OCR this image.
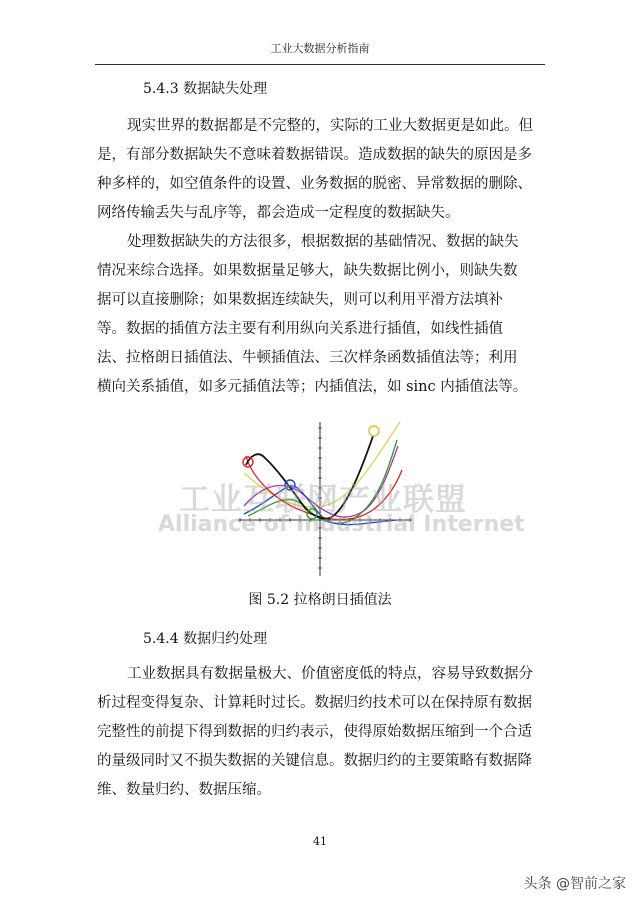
工业大数据分析指南
5.4.3 数据缺失处理
现实世界的数据都是不完整的，实际的工业大数据更是如此。但
是，有部分数据缺失不意味着数据错误。造成数据的缺失的原因是多
种多样的，如空值条件的设置、业务数据的脱密、异常数据的删除、
网络传输丢失与乱序等，都会造成一定程度的数据缺失。
处理数据缺失的方法很多，根据数据的基础情况、数据的缺失
情况来综合选择。如果数据量足够大，缺失数据比例小，则缺失数
据可以直接删除；如果数据连续缺失，则可以利用平滑方法填补
等。数据的插值方法主要有利用纵向关系进行插值，如线性插值
法、拉格朗日插值法、牛顿插值法、三次样条函数插值法等；利用
横向关系插值，如多元插值法等；内插值法，如 sinc 内插值法等。
工业互联网产业联盟
Alliance of Industrial Internet
图 5.2 拉格朗日插值法
5.4.4 数据归约处理
工业数据具有数据量极大、价值密度低的特点，容易导致数据分
析过程变得复杂、计算耗时过长。数据归约技术可以在保持原有数据
完整性的前提下得到数据的归约表示，使得原始数据压缩到一个合适
的量级同时又不损失数据的关键信息。数据归约的主要策略有数据降
维、数量归约、数据压缩。
41
头条 @智前之家
